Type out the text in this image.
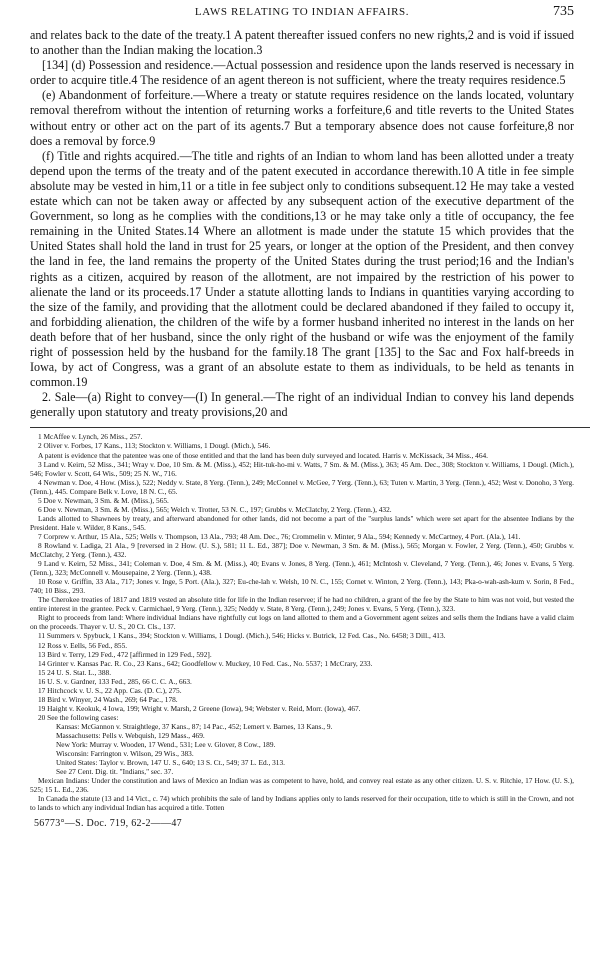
LAWS RELATING TO INDIAN AFFAIRS.	735

and relates back to the date of the treaty.1 A patent thereafter issued confers no new rights,2 and is void if issued to another than the Indian making the location.3

[134] (d) Possession and residence.—Actual possession and residence upon the lands reserved is necessary in order to acquire title.4 The residence of an agent thereon is not sufficient, where the treaty requires residence.5

(e) Abandonment of forfeiture.—Where a treaty or statute requires residence on the lands located, voluntary removal therefrom without the intention of returning works a forfeiture,6 and title reverts to the United States without entry or other act on the part of its agents.7 But a temporary absence does not cause forfeiture,8 nor does a removal by force.9

(f) Title and rights acquired.—The title and rights of an Indian to whom land has been allotted under a treaty depend upon the terms of the treaty and of the patent executed in accordance therewith.10 A title in fee simple absolute may be vested in him,11 or a title in fee subject only to conditions subsequent.12 He may take a vested estate which can not be taken away or affected by any subsequent action of the executive department of the Government, so long as he complies with the conditions,13 or he may take only a title of occupancy, the fee remaining in the United States.14 Where an allotment is made under the statute 15 which provides that the United States shall hold the land in trust for 25 years, or longer at the option of the President, and then convey the land in fee, the land remains the property of the United States during the trust period;16 and the Indian's rights as a citizen, acquired by reason of the allotment, are not impaired by the restriction of his power to alienate the land or its proceeds.17 Under a statute allotting lands to Indians in quantities varying according to the size of the family, and providing that the allotment could be declared abandoned if they failed to occupy it, and forbidding alienation, the children of the wife by a former husband inherited no interest in the lands on her death before that of her husband, since the only right of the husband or wife was the enjoyment of the family right of possession held by the husband for the family.18 The grant [135] to the Sac and Fox half-breeds in Iowa, by act of Congress, was a grant of an absolute estate to them as individuals, to be held as tenants in common.19

2. Sale—(a) Right to convey—(I) In general.—The right of an individual Indian to convey his land depends generally upon statutory and treaty provisions,20 and

1 McAffee v. Lynch, 26 Miss., 257.

2 Oliver v. Forbes, 17 Kans., 113; Stockton v. Williams, 1 Dougl. (Mich.), 546.

A patent is evidence that the patentee was one of those entitled and that the land has been duly surveyed and located. Harris v. McKissack, 34 Miss., 464.

3 Land v. Keirn, 52 Miss., 341; Wray v. Doe, 10 Sm. & M. (Miss.), 452; Hit-tuk-ho-mi v. Watts, 7 Sm. & M. (Miss.), 363; 45 Am. Dec., 308; Stockton v. Williams, 1 Dougl. (Mich.), 546; Fowler v. Scott, 64 Wis., 509; 25 N. W., 716.

4 Newman v. Doe, 4 How. (Miss.), 522; Neddy v. State, 8 Yerg. (Tenn.), 249; McConnel v. McGee, 7 Yerg. (Tenn.), 63; Tuten v. Martin, 3 Yerg. (Tenn.), 452; West v. Donoho, 3 Yerg. (Tenn.), 445. Compare Belk v. Love, 18 N. C., 65.

5 Doe v. Newman, 3 Sm. & M. (Miss.), 565.

6 Doe v. Newman, 3 Sm. & M. (Miss.), 565; Welch v. Trotter, 53 N. C., 197; Grubbs v. McClatchy, 2 Yerg. (Tenn.), 432.

Lands allotted to Shawnees by treaty, and afterward abandoned for other lands, did not become a part of the "surplus lands" which were set apart for the absentee Indians by the President. Hale v. Wilder, 8 Kans., 545.

7 Corprew v. Arthur, 15 Ala., 525; Wells v. Thompson, 13 Ala., 793; 48 Am. Dec., 76; Crommelin v. Minter, 9 Ala., 594; Kennedy v. McCartney, 4 Port. (Ala.), 141.

8 Rowland v. Ladiga, 21 Ala., 9 [reversed in 2 How. (U. S.), 581; 11 L. Ed., 387]; Doe v. Newman, 3 Sm. & M. (Miss.), 565; Morgan v. Fowler, 2 Yerg. (Tenn.), 450; Grubbs v. McClatchy, 2 Yerg. (Tenn.), 432.

9 Land v. Keirn, 52 Miss., 341; Coleman v. Doe, 4 Sm. & M. (Miss.), 40; Evans v. Jones, 8 Yerg. (Tenn.), 461; McIntosh v. Cleveland, 7 Yerg. (Tenn.), 46; Jones v. Evans, 5 Yerg. (Tenn.), 323; McConnell v. Mousepaine, 2 Yerg. (Tenn.), 438.

10 Rose v. Griffin, 33 Ala., 717; Jones v. Inge, 5 Port. (Ala.), 327; Eu-che-lah v. Welsh, 10 N. C., 155; Cornet v. Winton, 2 Yerg. (Tenn.), 143; Pka-o-wah-ash-kum v. Sorin, 8 Fed., 740; 10 Biss., 293.

The Cherokee treaties of 1817 and 1819 vested an absolute title for life in the Indian reservee; if he had no children, a grant of the fee by the State to him was not void, but vested the entire interest in the grantee. Peck v. Carmichael, 9 Yerg. (Tenn.), 325; Neddy v. State, 8 Yerg. (Tenn.), 249; Jones v. Evans, 5 Yerg. (Tenn.), 323.

Right to proceeds from land: Where individual Indians have rightfully cut logs on land allotted to them and a Government agent seizes and sells them the Indians have a valid claim on the proceeds. Thayer v. U. S., 20 Ct. Cls., 137.

11 Summers v. Spybuck, 1 Kans., 394; Stockton v. Williams, 1 Dougl. (Mich.), 546; Hicks v. Butrick, 12 Fed. Cas., No. 6458; 3 Dill., 413.

12 Ross v. Eells, 56 Fed., 855.

13 Bird v. Terry, 129 Fed., 472 [affirmed in 129 Fed., 592].

14 Grinter v. Kansas Pac. R. Co., 23 Kans., 642; Goodfellow v. Muckey, 10 Fed. Cas., No. 5537; 1 McCrary, 233.

15 24 U. S. Stat. L., 388.

16 U. S. v. Gardner, 133 Fed., 285, 66 C. C. A., 663.

17 Hitchcock v. U. S., 22 App. Cas. (D. C.), 275.

18 Bird v. Winyer, 24 Wash., 269; 64 Pac., 178.

19 Haight v. Keokuk, 4 Iowa, 199; Wright v. Marsh, 2 Greene (Iowa), 94; Webster v. Reid, Morr. (Iowa), 467.

20 See the following cases:

Kansas: McGannon v. Straightlege, 37 Kans., 87; 14 Pac., 452; Lemert v. Barnes, 13 Kans., 9.

Massachusetts: Pells v. Webquish, 129 Mass., 469.

New York: Murray v. Wooden, 17 Wend., 531; Lee v. Glover, 8 Cow., 189.

Wisconsin: Farrington v. Wilson, 29 Wis., 383.

United States: Taylor v. Brown, 147 U. S., 640; 13 S. Ct., 549; 37 L. Ed., 313.

See 27 Cent. Dig. tit. "Indians," sec. 37.

Mexican Indians: Under the constitution and laws of Mexico an Indian was as competent to have, hold, and convey real estate as any other citizen. U. S. v. Ritchie, 17 How. (U. S.), 525; 15 L. Ed., 236.

In Canada the statute (13 and 14 Vict., c. 74) which prohibits the sale of land by Indians applies only to lands reserved for their occupation, title to which is still in the Crown, and not to lands to which any individual Indian has acquired a title. Totten

56773°—S. Doc. 719, 62-2——47
